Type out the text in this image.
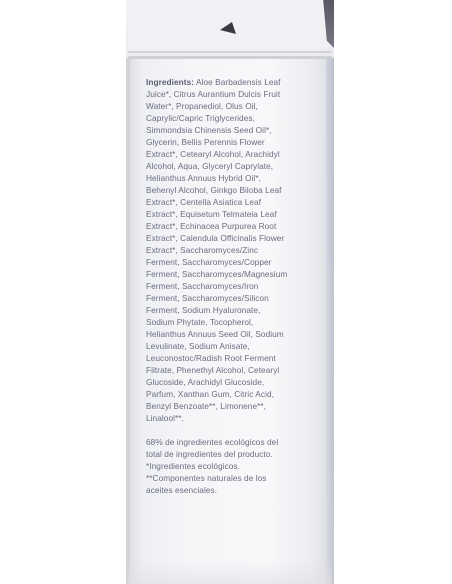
Ingredients: Aloe Barbadensis Leaf
Juice*, Citrus Aurantium Dulcis Fruit
Water*, Propanediol, Olus Oil,
Caprylic/Capric Triglycerides,
Simmondsia Chinensis Seed Oil*,
Glycerin, Bellis Perennis Flower
Extract*, Cetearyl Alcohol, Arachidyl
Alcohol, Aqua, Glyceryl Caprylate,
Helianthus Annuus Hybrid Oil*,
Behenyl Alcohol, Ginkgo Biloba Leaf
Extract*, Centella Asiatica Leaf
Extract*, Equisetum Telmateia Leaf
Extract*, Echinacea Purpurea Root
Extract*, Calendula Officinalis Flower
Extract*, Saccharomyces/Zinc
Ferment, Saccharomyces/Copper
Ferment, Saccharomyces/Magnesium
Ferment, Saccharomyces/Iron
Ferment, Saccharomyces/Silicon
Ferment, Sodium Hyaluronate,
Sodium Phytate, Tocopherol,
Helianthus Annuus Seed Oil, Sodium
Levulinate, Sodium Anisate,
Leuconostoc/Radish Root Ferment
Filtrate, Phenethyl Alcohol, Cetearyl
Glucoside, Arachidyl Glucoside,
Parfum, Xanthan Gum, Citric Acid,
Benzyl Benzoate**, Limonene**,
Linalool**.
68% de ingredientes ecológicos del
total de ingredientes del producto.
*Ingredientes ecológicos.
**Componentes naturales de los
aceites esenciales.
